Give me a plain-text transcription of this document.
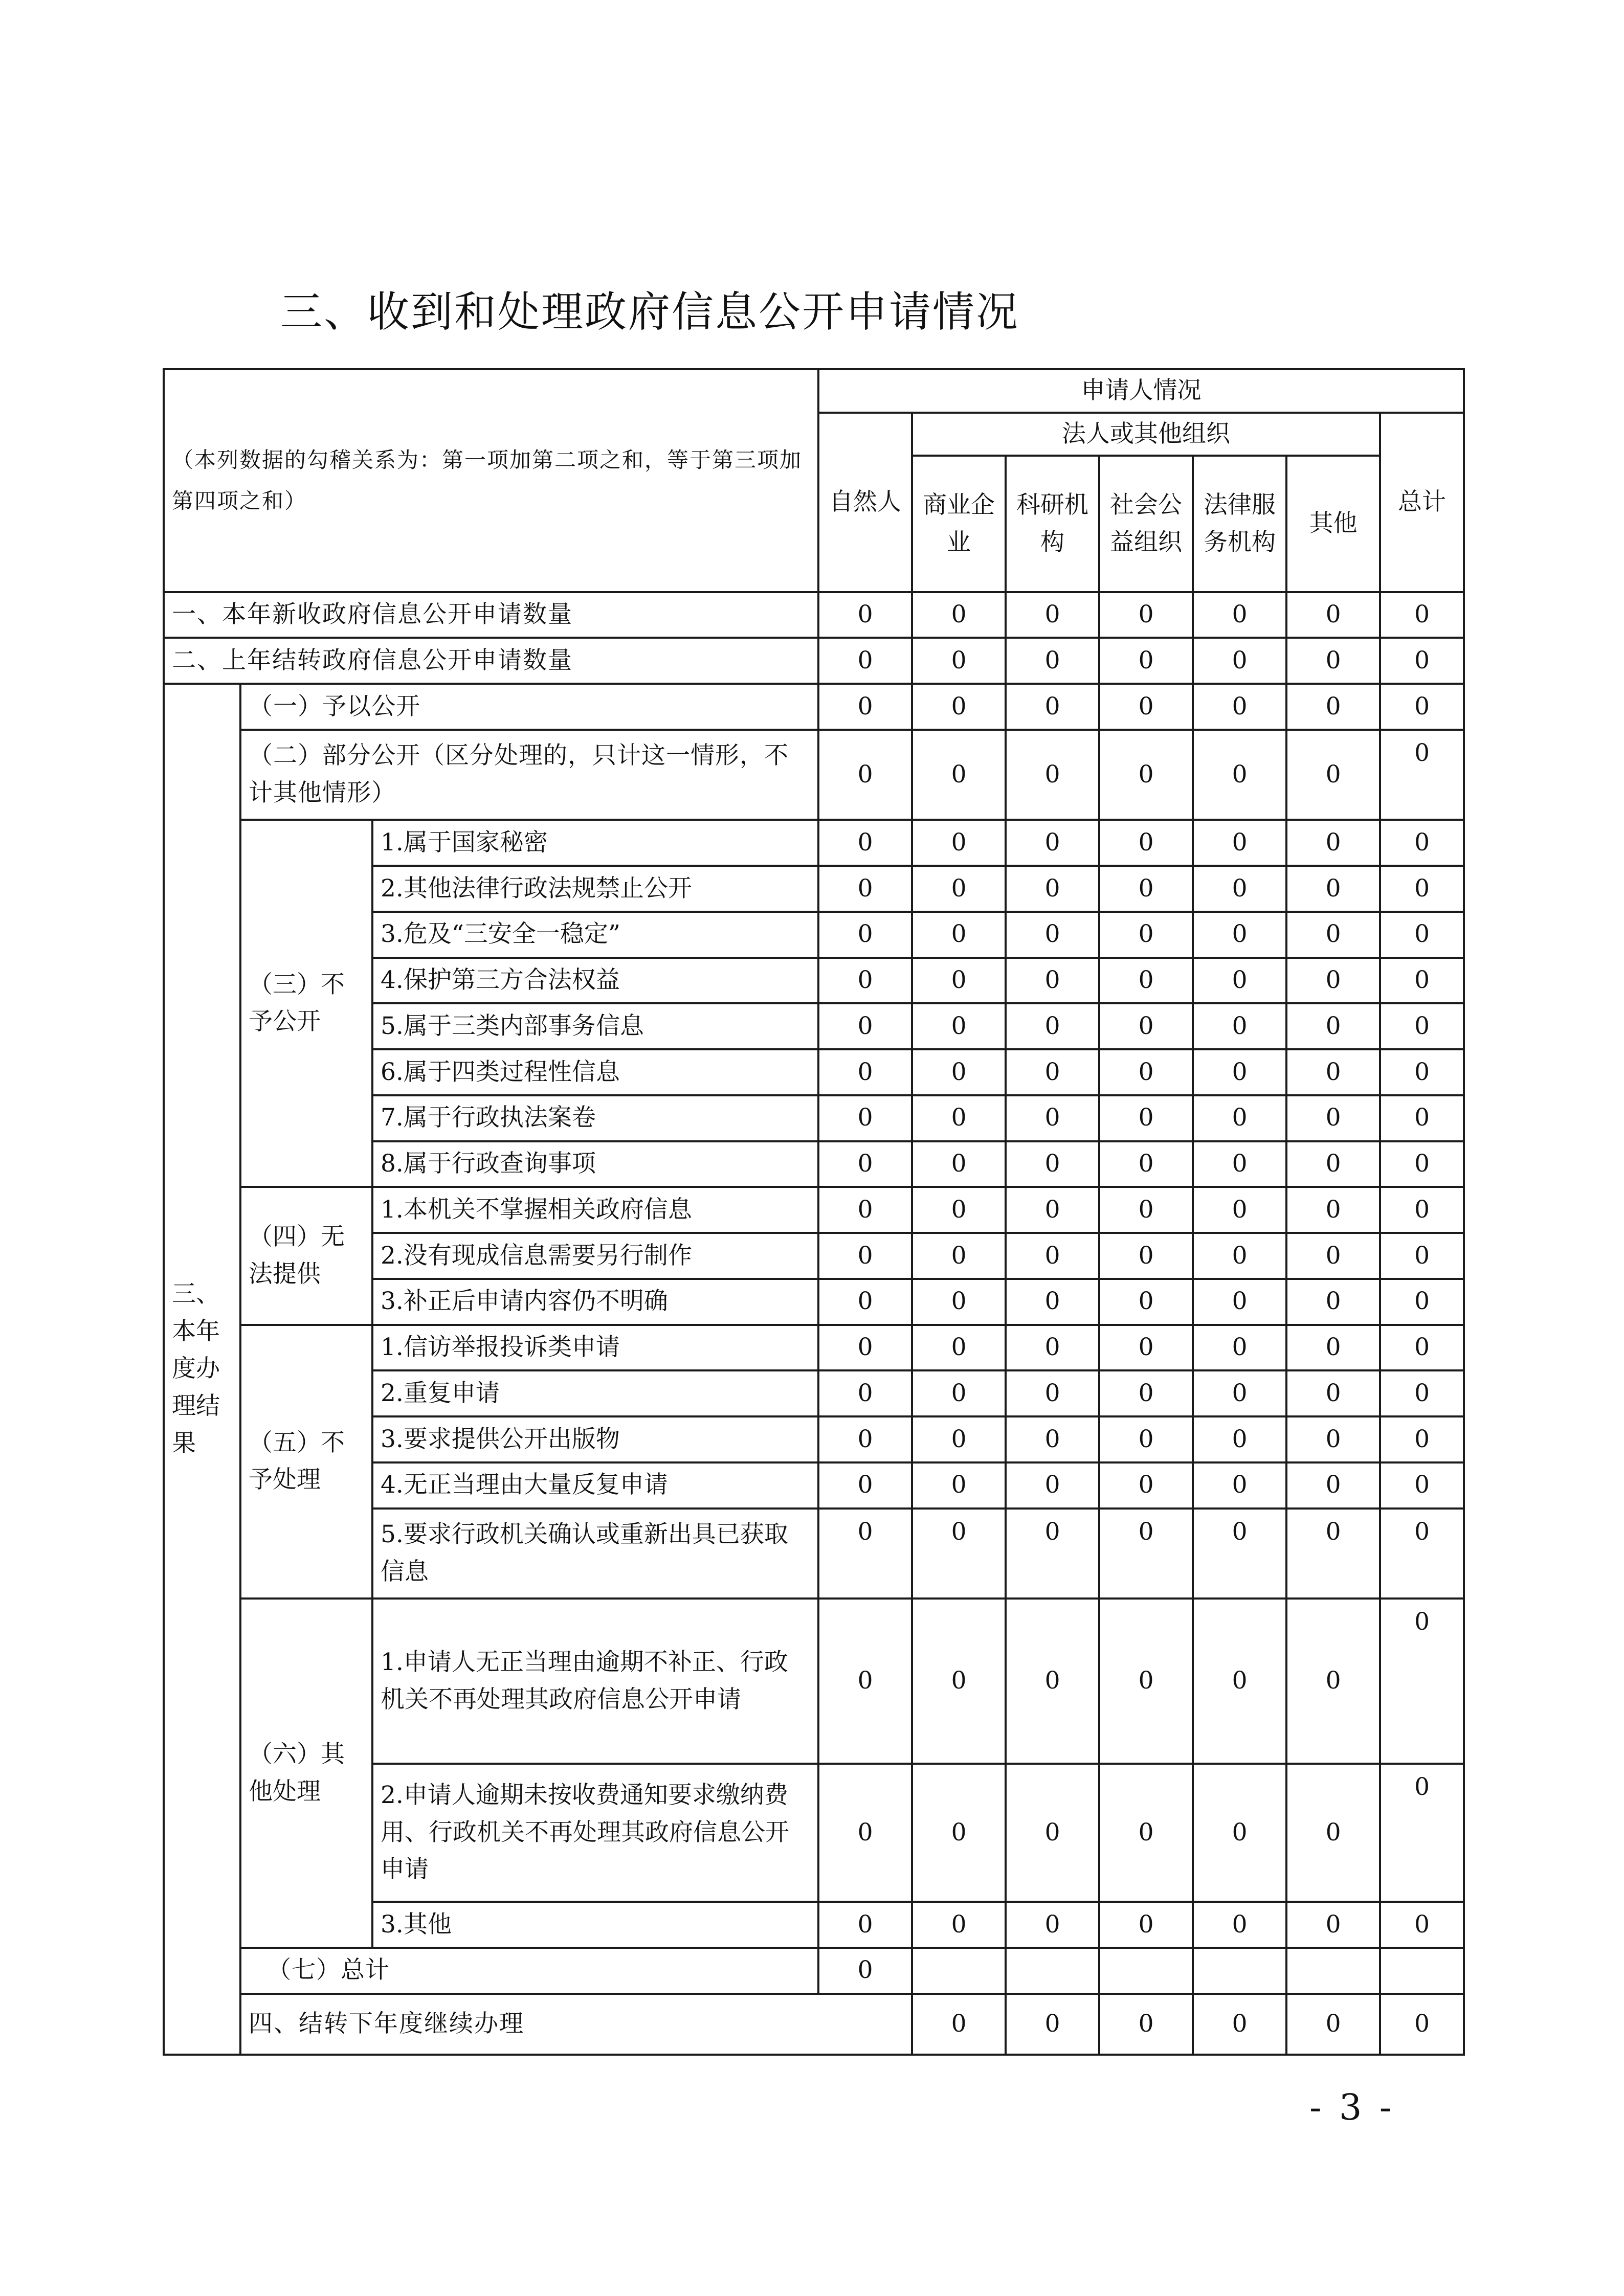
三、收到和处理政府信息公开申请情况
（本列数据的勾稽关系为：第一项加第二项之和，等于第三项加第四项之和）			申请人情况							
			自然人	法人或其他组织					总计	
				商业企业	科研机构	社会公益组织	法律服务机构	其他		
一、本年新收政府信息公开申请数量			0	0	0	0	0	0	0	
二、上年结转政府信息公开申请数量			0	0	0	0	0	0	0	
三、本年度办理结果	（一）予以公开		0	0	0	0	0	0	0	
	（二）部分公开（区分处理的，只计这一情形，不计其他情形）		0	0	0	0	0	0	0	
	（三）不予公开	1.属于国家秘密	0	0	0	0	0	0	0	
		2.其他法律行政法规禁止公开	0	0	0	0	0	0	0	
		3.危及“三安全一稳定”	0	0	0	0	0	0	0	
		4.保护第三方合法权益	0	0	0	0	0	0	0	
		5.属于三类内部事务信息	0	0	0	0	0	0	0	
		6.属于四类过程性信息	0	0	0	0	0	0	0	
		7.属于行政执法案卷	0	0	0	0	0	0	0	
		8.属于行政查询事项	0	0	0	0	0	0	0	
	（四）无法提供	1.本机关不掌握相关政府信息	0	0	0	0	0	0	0	
		2.没有现成信息需要另行制作	0	0	0	0	0	0	0	
		3.补正后申请内容仍不明确	0	0	0	0	0	0	0	
	（五）不予处理	1.信访举报投诉类申请	0	0	0	0	0	0	0	
		2.重复申请	0	0	0	0	0	0	0	
		3.要求提供公开出版物	0	0	0	0	0	0	0	
		4.无正当理由大量反复申请	0	0	0	0	0	0	0	
		5.要求行政机关确认或重新出具已获取信息	0	0	0	0	0	0	0	
	（六）其他处理	1.申请人无正当理由逾期不补正、行政机关不再处理其政府信息公开申请	0	0	0	0	0	0	0	
		2.申请人逾期未按收费通知要求缴纳费用、行政机关不再处理其政府信息公开申请	0	0	0	0	0	0	0	
		3.其他	0	0	0	0	0	0	0	
	（七）总计		0							
	四、结转下年度继续办理			0	0	0	0	0	0	
- 3 -
